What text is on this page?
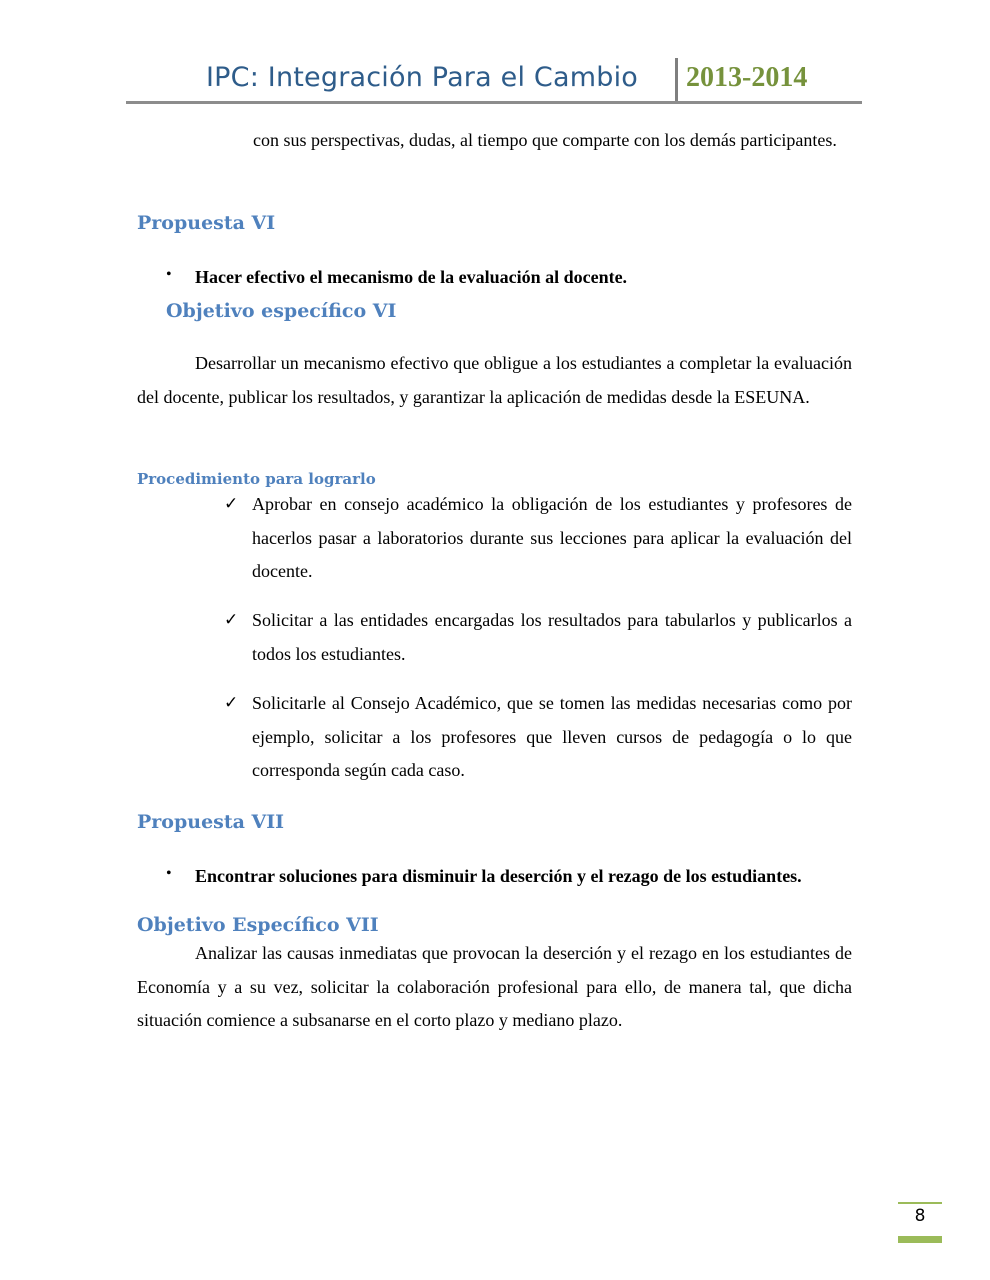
IPC: Integración Para el Cambio 2013-2014
con sus perspectivas, dudas, al tiempo que comparte con los demás participantes.
Propuesta VI
• Hacer efectivo el mecanismo de la evaluación al docente.
Objetivo específico VI
Desarrollar un mecanismo efectivo que obligue a los estudiantes a completar la evaluación del docente, publicar los resultados, y garantizar la aplicación de medidas desde la ESEUNA.
Procedimiento para lograrlo
✓ Aprobar en consejo académico la obligación de los estudiantes y profesores de hacerlos pasar a laboratorios durante sus lecciones para aplicar la evaluación del docente.
✓ Solicitar a las entidades encargadas los resultados para tabularlos y publicarlos a todos los estudiantes.
✓ Solicitarle al Consejo Académico, que se tomen las medidas necesarias como por ejemplo, solicitar a los profesores que lleven cursos de pedagogía o lo que corresponda según cada caso.
Propuesta VII
• Encontrar soluciones para disminuir la deserción y el rezago de los estudiantes.
Objetivo Específico VII
Analizar las causas inmediatas que provocan la deserción y el rezago en los estudiantes de Economía y a su vez, solicitar la colaboración profesional para ello, de manera tal, que dicha situación comience a subsanarse en el corto plazo y mediano plazo.
8
